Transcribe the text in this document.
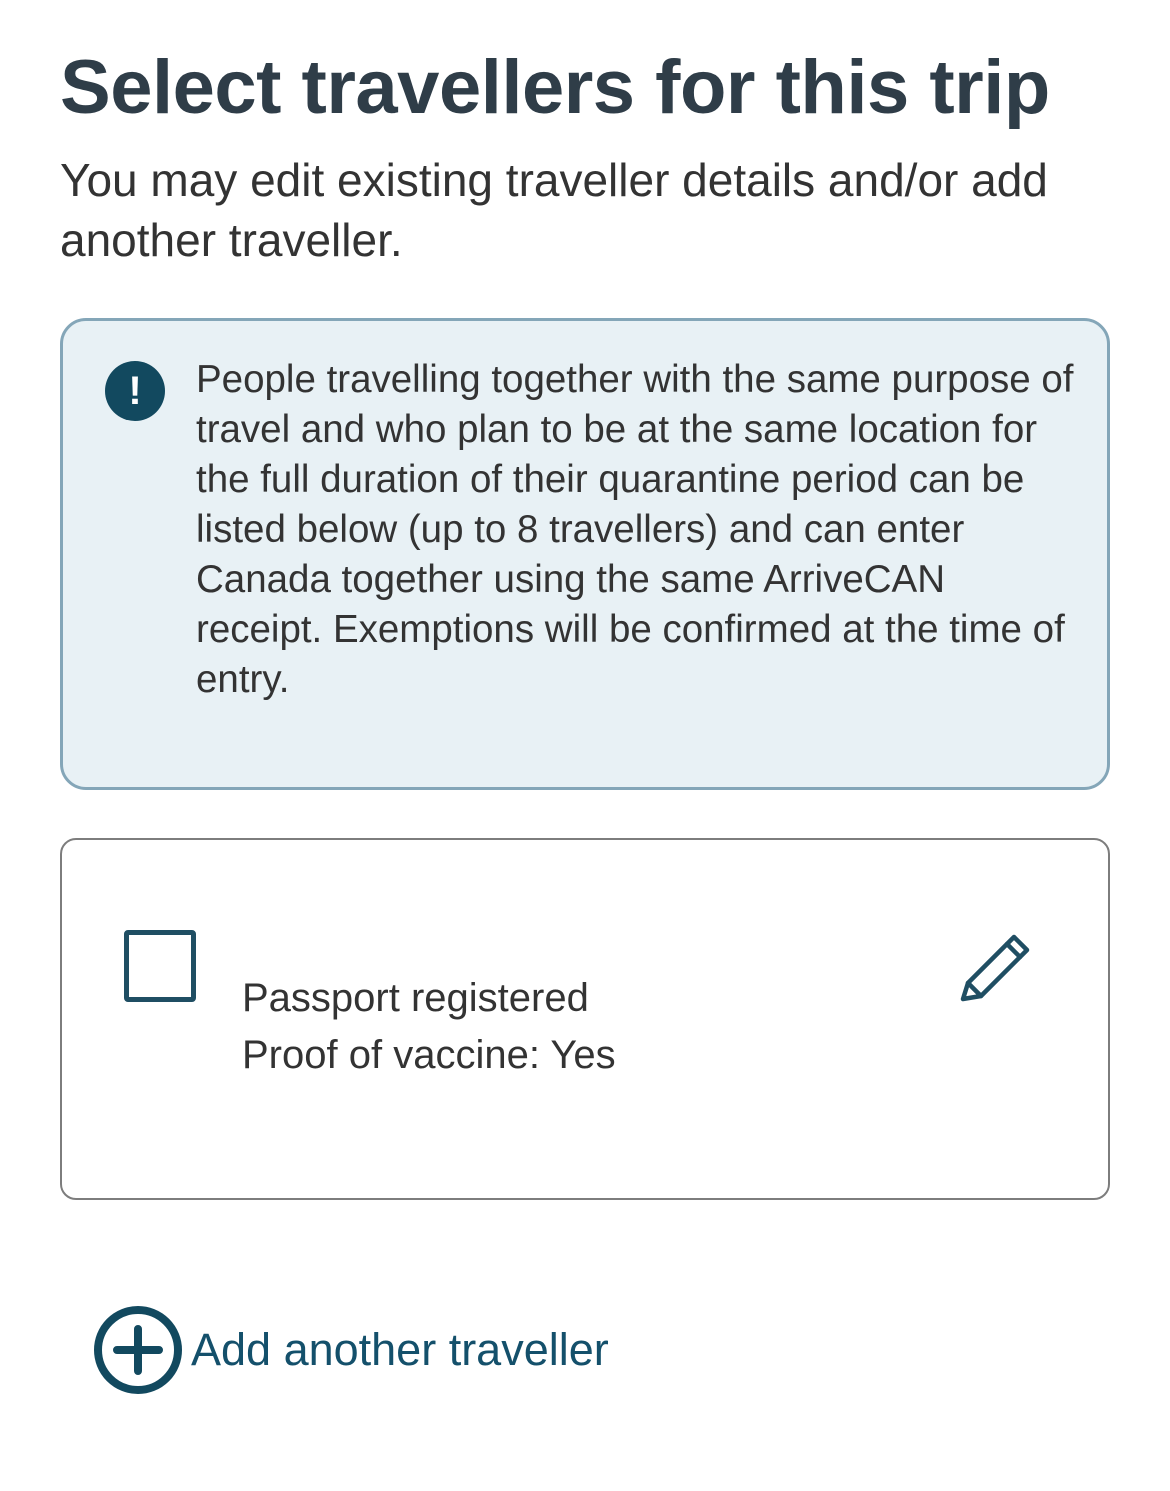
Select travellers for this trip

You may edit existing traveller details and/or add another traveller.

!	People travelling together with the same purpose of travel and who plan to be at the same location for the full duration of their quarantine period can be listed below (up to 8 travellers) and can enter Canada together using the same ArriveCAN receipt. Exemptions will be confirmed at the time of entry.

Passport registered
Proof of vaccine: Yes
Add another traveller
